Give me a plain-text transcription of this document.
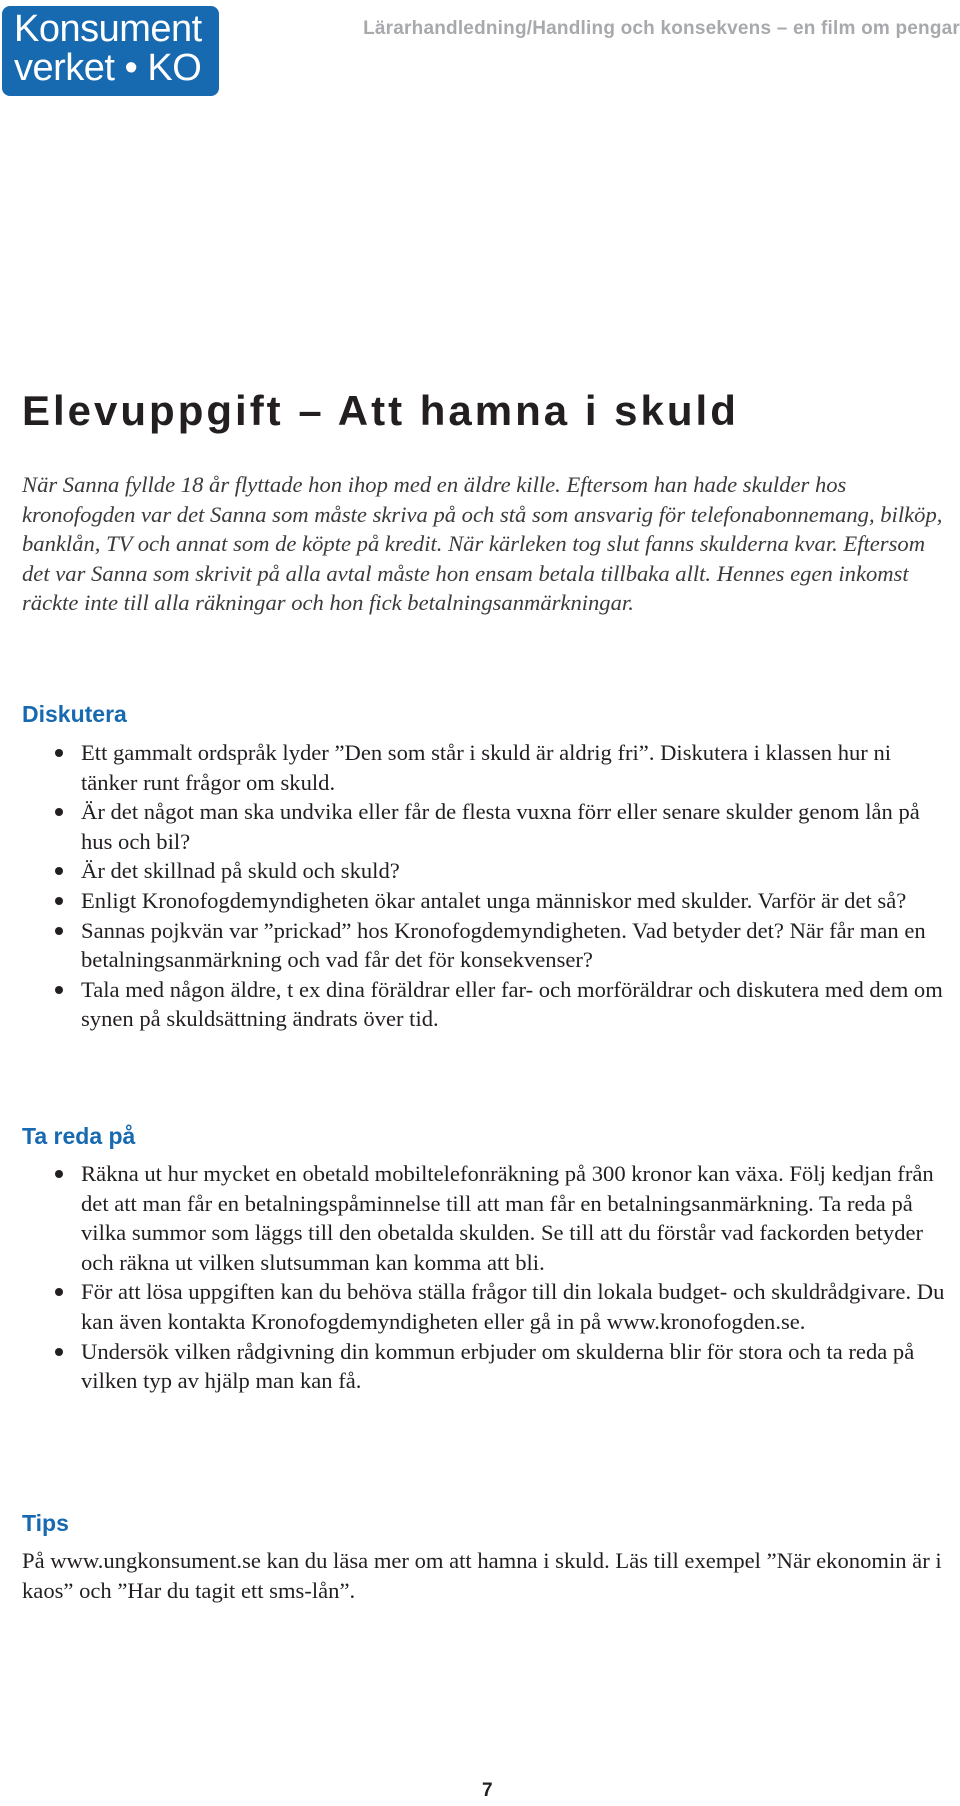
Konsument
verket • KO
Lärarhandledning/Handling och konsekvens – en film om pengar
Elevuppgift – Att hamna i skuld

När Sanna fyllde 18 år flyttade hon ihop med en äldre kille. Eftersom han hade skulder hos kronofogden var det Sanna som måste skriva på och stå som ansvarig för telefonabonnemang, bilköp, banklån, TV och annat som de köpte på kredit. När kärleken tog slut fanns skulderna kvar. Eftersom det var Sanna som skrivit på alla avtal måste hon ensam betala tillbaka allt. Hennes egen inkomst räckte inte till alla räkningar och hon fick betalningsanmärkningar.

Diskutera
Ett gammalt ordspråk lyder ”Den som står i skuld är aldrig fri”. Diskutera i klassen hur ni tänker runt frågor om skuld.
Är det något man ska undvika eller får de flesta vuxna förr eller senare skulder genom lån på hus och bil?
Är det skillnad på skuld och skuld?
Enligt Kronofogdemyndigheten ökar antalet unga människor med skulder. Varför är det så?
Sannas pojkvän var ”prickad” hos Kronofogdemyndigheten. Vad betyder det? När får man en betalningsanmärkning och vad får det för konsekvenser?
Tala med någon äldre, t ex dina föräldrar eller far- och morföräldrar och diskutera med dem om synen på skuldsättning ändrats över tid.
Ta reda på
Räkna ut hur mycket en obetald mobiltelefonräkning på 300 kronor kan växa. Följ kedjan från det att man får en betalningspåminnelse till att man får en betalningsanmärkning. Ta reda på vilka summor som läggs till den obetalda skulden. Se till att du förstår vad fackorden betyder och räkna ut vilken slutsumman kan komma att bli.
För att lösa uppgiften kan du behöva ställa frågor till din lokala budget- och skuldrådgivare. Du kan även kontakta Kronofogdemyndigheten eller gå in på www.kronofogden.se.
Undersök vilken rådgivning din kommun erbjuder om skulderna blir för stora och ta reda på vilken typ av hjälp man kan få.
Tips

På www.ungkonsument.se kan du läsa mer om att hamna i skuld. Läs till exempel ”När ekonomin är i kaos” och ”Har du tagit ett sms-lån”.

7
